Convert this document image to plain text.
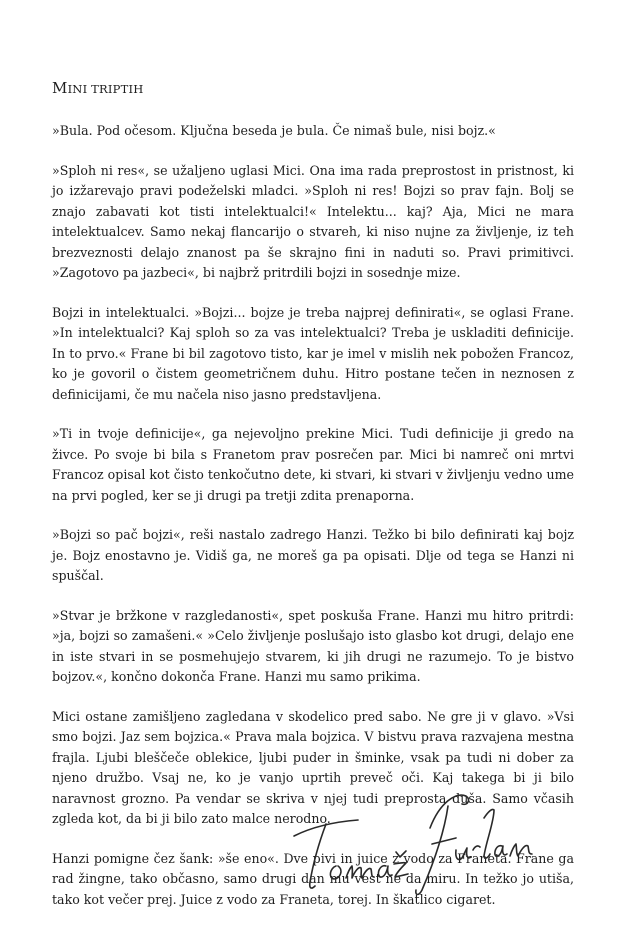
MINI TRIPTIH

»Bula. Pod očesom. Ključna beseda je bula. Če nimaš bule, nisi bojz.«

»Sploh ni res«, se užaljeno uglasi Mici. Ona ima rada preprostost in pristnost, ki jo izžarevajo pravi podeželski mladci. »Sploh ni res! Bojzi so prav fajn. Bolj se znajo zabavati kot tisti intelektualci!« Intelektu... kaj? Aja, Mici ne mara intelektualcev. Samo nekaj flancarijo o stvareh, ki niso nujne za življenje, iz teh brezveznosti delajo znanost pa še skrajno fini in naduti so. Pravi primitivci. »Zagotovo pa jazbeci«, bi najbrž pritrdili bojzi in sosednje mize.

Bojzi in intelektualci. »Bojzi... bojze je treba najprej definirati«, se oglasi Frane. »In intelektualci? Kaj sploh so za vas intelektualci? Treba je uskladiti definicije. In to prvo.« Frane bi bil zagotovo tisto, kar je imel v mislih nek pobožen Francoz, ko je govoril o čistem geometričnem duhu. Hitro postane tečen in neznosen z definicijami, če mu načela niso jasno predstavljena.

»Ti in tvoje definicije«, ga nejevoljno prekine Mici. Tudi definicije ji gredo na živce. Po svoje bi bila s Franetom prav posrečen par. Mici bi namreč oni mrtvi Francoz opisal kot čisto tenkočutno dete, ki stvari, ki stvari v življenju vedno ume na prvi pogled, ker se ji drugi pa tretji zdita prenaporna.

»Bojzi so pač bojzi«, reši nastalo zadrego Hanzi. Težko bi bilo definirati kaj bojz je. Bojz enostavno je. Vidiš ga, ne moreš ga pa opisati. Dlje od tega se Hanzi ni spuščal.

»Stvar je bržkone v razgledanosti«, spet poskuša Frane. Hanzi mu hitro pritrdi: »ja, bojzi so zamašeni.« »Celo življenje poslušajo isto glasbo kot drugi, delajo ene in iste stvari in se posmehujejo stvarem, ki jih drugi ne razumejo. To je bistvo bojzov.«, končno dokonča Frane. Hanzi mu samo prikima.

Mici ostane zamišljeno zagledana v skodelico pred sabo. Ne gre ji v glavo. »Vsi smo bojzi. Jaz sem bojzica.« Prava mala bojzica. V bistvu prava razvajena mestna frajla. Ljubi bleščeče oblekice, ljubi puder in šminke, vsak pa tudi ni dober za njeno družbo. Vsaj ne, ko je vanjo uprtih preveč oči. Kaj takega bi ji bilo naravnost grozno. Pa vendar se skriva v njej tudi preprosta duša. Samo včasih zgleda kot, da bi ji bilo zato malce nerodno.

Hanzi pomigne čez šank: »še eno«. Dve pivi in juice z vodo za Franeta. Frane ga rad žingne, tako občasno, samo drugi dan mu vest ne da miru. In težko jo utiša, tako kot večer prej. Juice z vodo za Franeta, torej. In škatlico cigaret.
